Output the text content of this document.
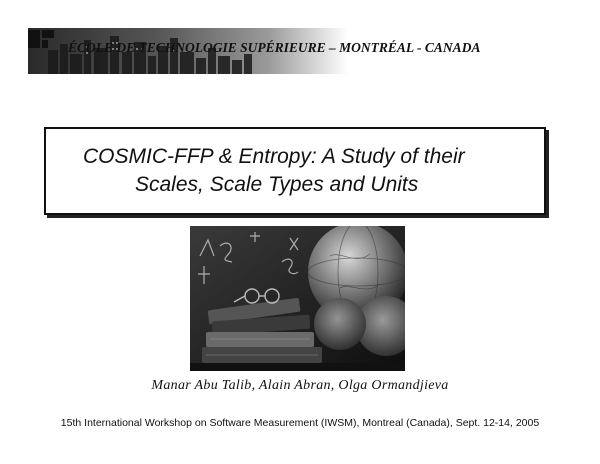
ÉCOLE DE TECHNOLOGIE SUPÉRIEURE – MONTRÉAL - CANADA
COSMIC-FFP & Entropy: A Study of their
Scales, Scale Types and Units
Manar Abu Talib, Alain Abran, Olga Ormandjieva
15th International Workshop on Software Measurement (IWSM), Montreal (Canada), Sept. 12-14, 2005
